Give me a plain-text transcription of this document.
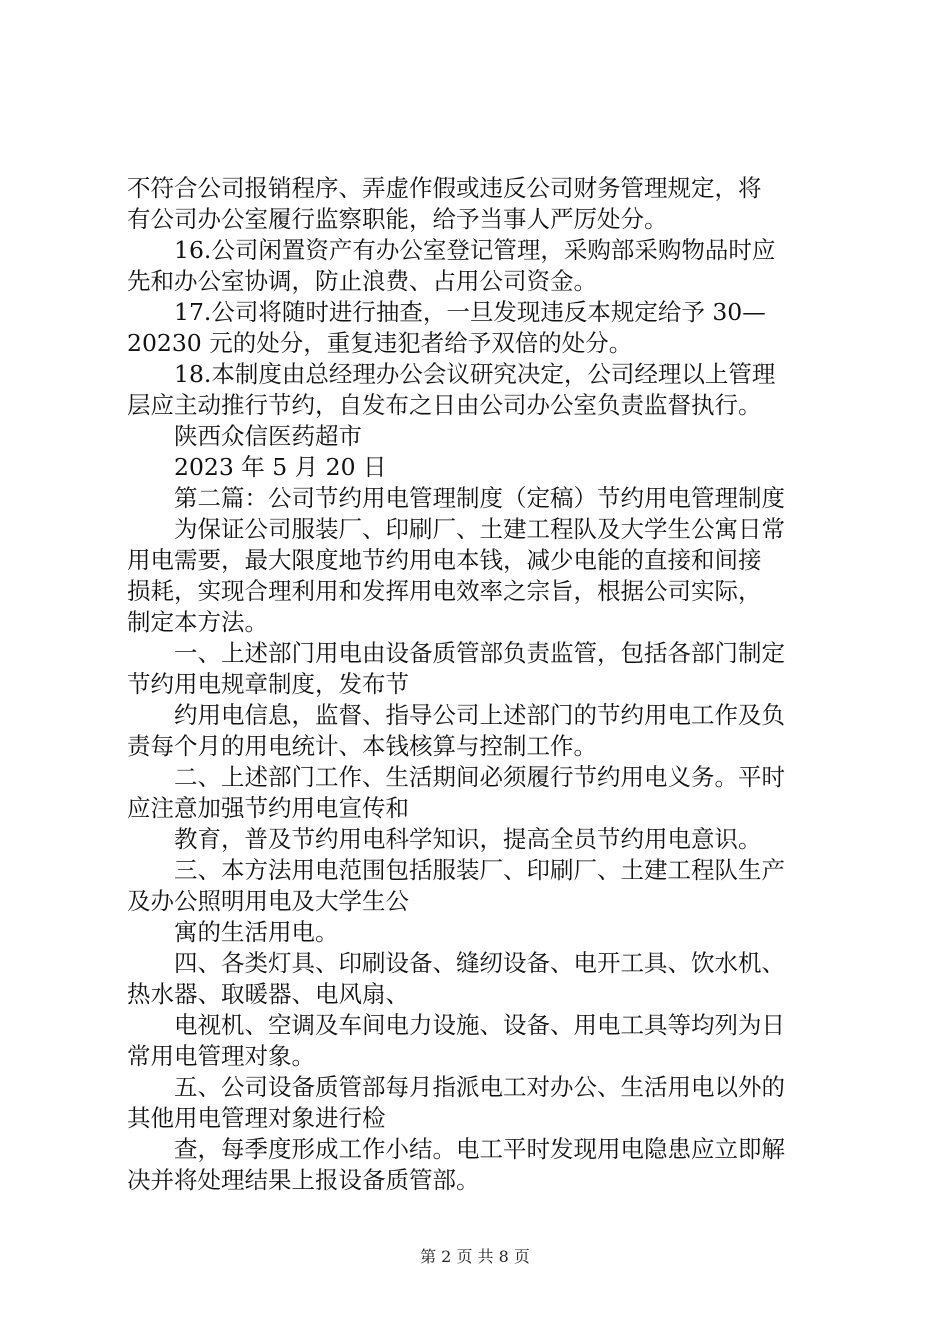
不符合公司报销程序、弄虚作假或违反公司财务管理规定，将
有公司办公室履行监察职能，给予当事人严厉处分。
16.公司闲置资产有办公室登记管理，采购部采购物品时应
先和办公室协调，防止浪费、占用公司资金。
17.公司将随时进行抽查，一旦发现违反本规定给予 30—
20230 元的处分，重复违犯者给予双倍的处分。
18.本制度由总经理办公会议研究决定，公司经理以上管理
层应主动推行节约，自发布之日由公司办公室负责监督执行。
陕西众信医药超市
2023 年 5 月 20 日
第二篇：公司节约用电管理制度（定稿）节约用电管理制度
为保证公司服装厂、印刷厂、土建工程队及大学生公寓日常
用电需要，最大限度地节约用电本钱，减少电能的直接和间接
损耗，实现合理利用和发挥用电效率之宗旨，根据公司实际，
制定本方法。
一、上述部门用电由设备质管部负责监管，包括各部门制定
节约用电规章制度，发布节
约用电信息，监督、指导公司上述部门的节约用电工作及负
责每个月的用电统计、本钱核算与控制工作。
二、上述部门工作、生活期间必须履行节约用电义务。平时
应注意加强节约用电宣传和
教育，普及节约用电科学知识，提高全员节约用电意识。
三、本方法用电范围包括服装厂、印刷厂、土建工程队生产
及办公照明用电及大学生公
寓的生活用电。
四、各类灯具、印刷设备、缝纫设备、电开工具、饮水机、
热水器、取暖器、电风扇、
电视机、空调及车间电力设施、设备、用电工具等均列为日
常用电管理对象。
五、公司设备质管部每月指派电工对办公、生活用电以外的
其他用电管理对象进行检
查，每季度形成工作小结。电工平时发现用电隐患应立即解
决并将处理结果上报设备质管部。
第 2 页 共 8 页
